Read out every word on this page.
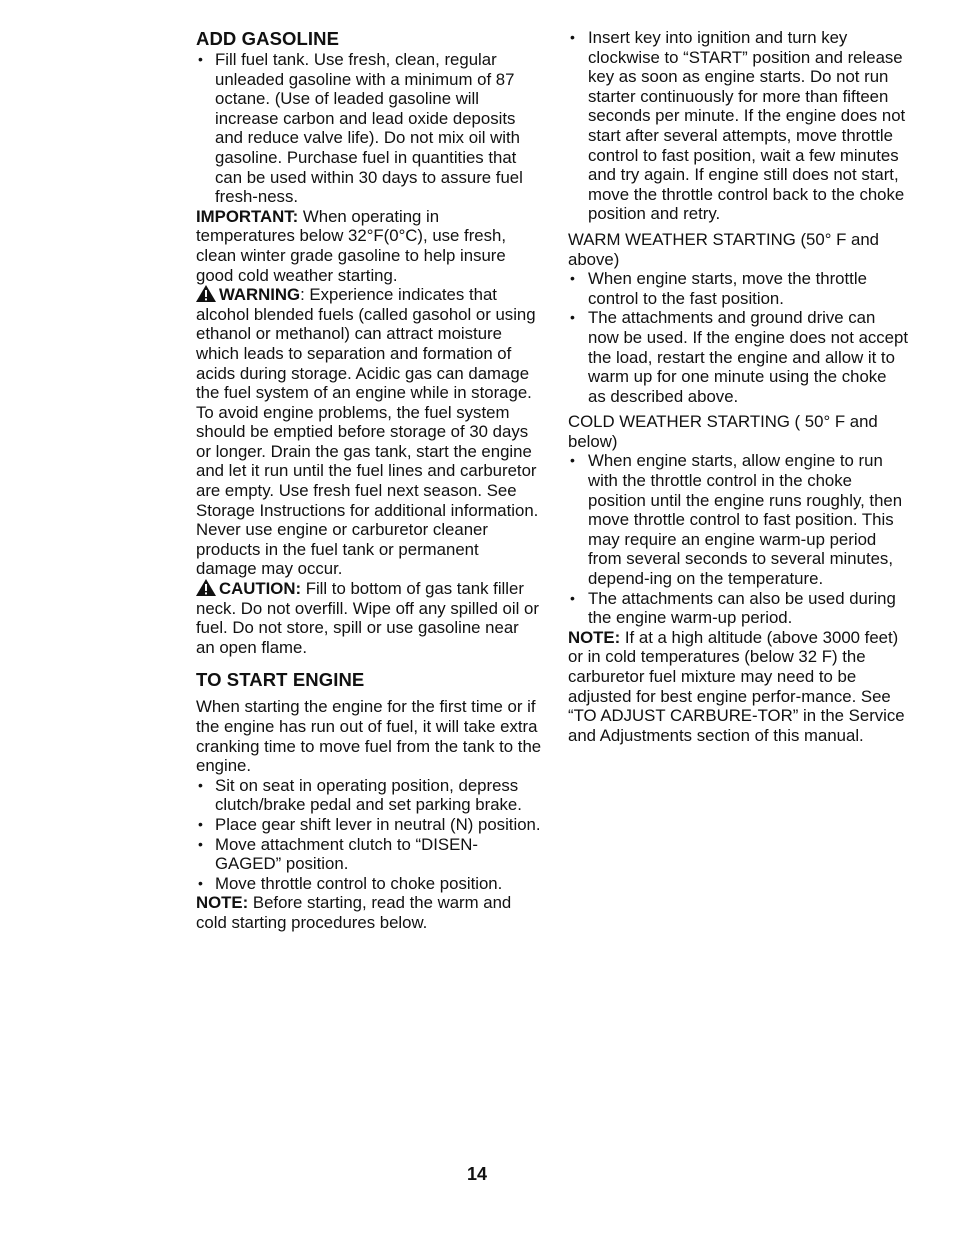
ADD GASOLINE
• Fill fuel tank. Use fresh, clean, regular unleaded gasoline with a minimum of 87 octane. (Use of leaded gasoline will increase carbon and lead oxide deposits and reduce valve life). Do not mix oil with gasoline. Purchase fuel in quantities that can be used within 30 days to assure fuel fresh-ness.

IMPORTANT: When operating in temperatures below 32°F(0°C), use fresh, clean winter grade gasoline to help insure good cold weather starting.

WARNING: Experience indicates that alcohol blended fuels (called gasohol or using ethanol or methanol) can attract moisture which leads to separation and formation of acids during storage. Acidic gas can damage the fuel system of an engine while in storage. To avoid engine problems, the fuel system should be emptied before storage of 30 days or longer. Drain the gas tank, start the engine and let it run until the fuel lines and carburetor are empty. Use fresh fuel next season. See Storage Instructions for additional information. Never use engine or carburetor cleaner products in the fuel tank or permanent damage may occur.

CAUTION: Fill to bottom of gas tank filler neck. Do not overfill. Wipe off any spilled oil or fuel. Do not store, spill or use gasoline near an open flame.

TO START ENGINE

When starting the engine for the first time or if the engine has run out of fuel, it will take extra cranking time to move fuel from the tank to the engine.

• Sit on seat in operating position, depress clutch/brake pedal and set parking brake.
• Place gear shift lever in neutral (N) position.
• Move attachment clutch to “DISEN-GAGED” position.
• Move throttle control to choke position.

NOTE: Before starting, read the warm and cold starting procedures below.

• Insert key into ignition and turn key clockwise to “START” position and release key as soon as engine starts. Do not run starter continuously for more than fifteen seconds per minute. If the engine does not start after several attempts, move throttle control to fast position, wait a few minutes and try again. If engine still does not start, move the throttle control back to the choke position and retry.

WARM WEATHER STARTING (50° F and above)

• When engine starts, move the throttle control to the fast position.
• The attachments and ground drive can now be used. If the engine does not accept the load, restart the engine and allow it to warm up for one minute using the choke as described above.

COLD WEATHER STARTING ( 50° F and below)

• When engine starts, allow engine to run with the throttle control in the choke position until the engine runs roughly, then move throttle control to fast position. This may require an engine warm-up period from several seconds to several minutes, depend-ing on the temperature.
• The attachments can also be used during the engine warm-up period.

NOTE: If at a high altitude (above 3000 feet) or in cold temperatures (below 32 F) the carburetor fuel mixture may need to be adjusted for best engine perfor-mance. See “TO ADJUST CARBURE-TOR” in the Service and Adjustments section of this manual.

14
